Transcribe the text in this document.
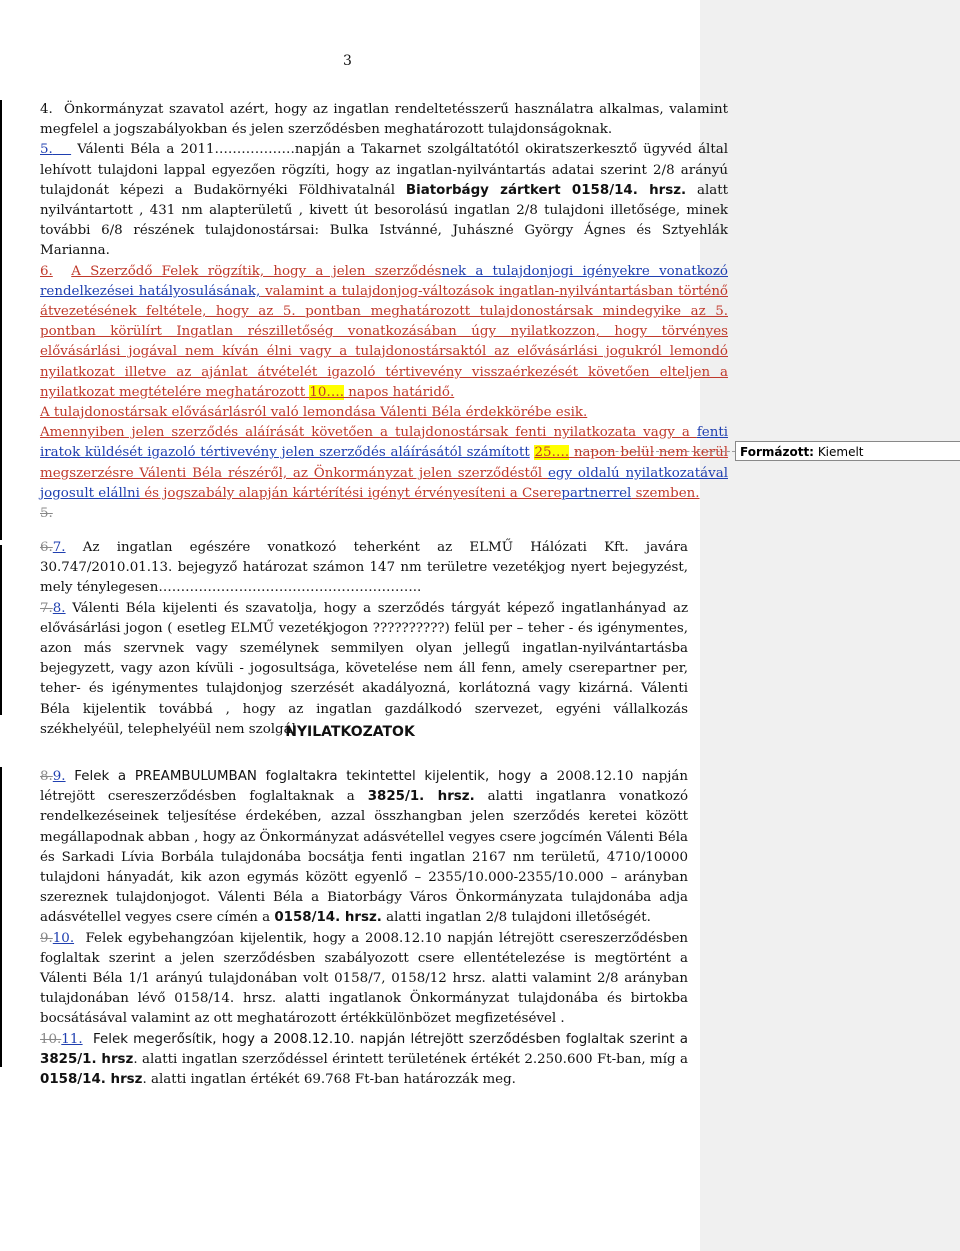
Formázott: Kiemelt
3

4. Önkormányzat szavatol azért, hogy az ingatlan rendeltetésszerű használatra alkalmas, valamint megfelel a jogszabályokban és jelen szerződésben meghatározott tulajdonságoknak.

5. Válenti Béla a 2011………………napján a Takarnet szolgáltatótól okiratszerkesztő ügyvéd által lehívott tulajdoni lappal egyezően rögzíti, hogy az ingatlan-nyilvántartás adatai szerint 2/8 arányú tulajdonát képezi a Budakörnyéki Földhivatalnál Biatorbágy zártkert 0158/14. hrsz. alatt nyilvántartott , 431 nm alapterületű , kivett út besorolású ingatlan 2/8 tulajdoni illetősége, minek további 6/8 részének tulajdonostársai: Bulka Istvánné, Juhászné György Ágnes és Sztyehlák Marianna.

6. A Szerződő Felek rögzítik, hogy a jelen szerződésnek a tulajdonjogi igényekre vonatkozó rendelkezései hatályosulásának, valamint a tulajdonjog-változások ingatlan-nyilvántartásban történő átvezetésének feltétele, hogy az 5. pontban meghatározott tulajdonostársak mindegyike az 5. pontban körülírt Ingatlan részilletőség vonatkozásában úgy nyilatkozzon, hogy törvényes elővásárlási jogával nem kíván élni vagy a tulajdonostársaktól az elővásárlási jogukról lemondó nyilatkozat illetve az ajánlat átvételét igazoló tértivevény visszaérkezését követően elteljen a nyilatkozat megtételére meghatározott 10…. napos határidő.
A tulajdonostársak elővásárlásról való lemondása Válenti Béla érdekkörébe esik.
Amennyiben jelen szerződés aláírását követően a tulajdonostársak fenti nyilatkozata vagy a fenti iratok küldését igazoló tértivevény jelen szerződés aláírásától számított 25…. napon belül nem kerül megszerzésre Válenti Béla részéről, az Önkormányzat jelen szerződéstől egy oldalú nyilatkozatával jogosult elállni és jogszabály alapján kártérítési igényt érvényesíteni a Cserepartnerrel szemben.

5.

6.7. Az ingatlan egészére vonatkozó teherként az ELMŰ Hálózati Kft. javára 30.747/2010.01.13. bejegyző határozat számon 147 nm területre vezetékjog nyert bejegyzést, mely ténylegesen…………………………………………………..

7.8. Válenti Béla kijelenti és szavatolja, hogy a szerződés tárgyát képező ingatlanhányad az elővásárlási jogon ( esetleg ELMŰ vezetékjogon ??????????) felül per – teher - és igénymentes, azon más szervnek vagy személynek semmilyen olyan jellegű ingatlan-nyilvántartásba bejegyzett, vagy azon kívüli - jogosultsága, követelése nem áll fenn, amely cserepartner per, teher- és igénymentes tulajdonjog szerzését akadályozná, korlátozná vagy kizárná. Válenti Béla kijelentik továbbá , hogy az ingatlan gazdálkodó szervezet, egyéni vállalkozás székhelyéül, telephelyéül nem szolgál

NYILATKOZATOK

8.9. Felek a PREAMBULUMBAN foglaltakra tekintettel kijelentik, hogy a 2008.12.10 napján létrejött csereszerződésben foglaltaknak a 3825/1. hrsz. alatti ingatlanra vonatkozó rendelkezéseinek teljesítése érdekében, azzal összhangban jelen szerződés keretei között megállapodnak abban , hogy az Önkormányzat adásvétellel vegyes csere jogcímén Válenti Béla és Sarkadi Lívia Borbála tulajdonába bocsátja fenti ingatlan 2167 nm területű, 4710/10000 tulajdoni hányadát, kik azon egymás között egyenlő – 2355/10.000-2355/10.000 – arányban szereznek tulajdonjogot. Válenti Béla a Biatorbágy Város Önkormányzata tulajdonába adja adásvétellel vegyes csere címén a 0158/14. hrsz. alatti ingatlan 2/8 tulajdoni illetőségét.

9.10. Felek egybehangzóan kijelentik, hogy a 2008.12.10 napján létrejött csereszerződésben foglaltak szerint a jelen szerződésben szabályozott csere ellentételezése is megtörtént a Válenti Béla 1/1 arányú tulajdonában volt 0158/7, 0158/12 hrsz. alatti valamint 2/8 arányban tulajdonában lévő 0158/14. hrsz. alatti ingatlanok Önkormányzat tulajdonába és birtokba bocsátásával valamint az ott meghatározott értékkülönbözet megfizetésével .

10.11. Felek megerősítik, hogy a 2008.12.10. napján létrejött szerződésben foglaltak szerint a 3825/1. hrsz. alatti ingatlan szerződéssel érintett területének értékét 2.250.600 Ft-ban, míg a 0158/14. hrsz. alatti ingatlan értékét 69.768 Ft-ban határozzák meg.
